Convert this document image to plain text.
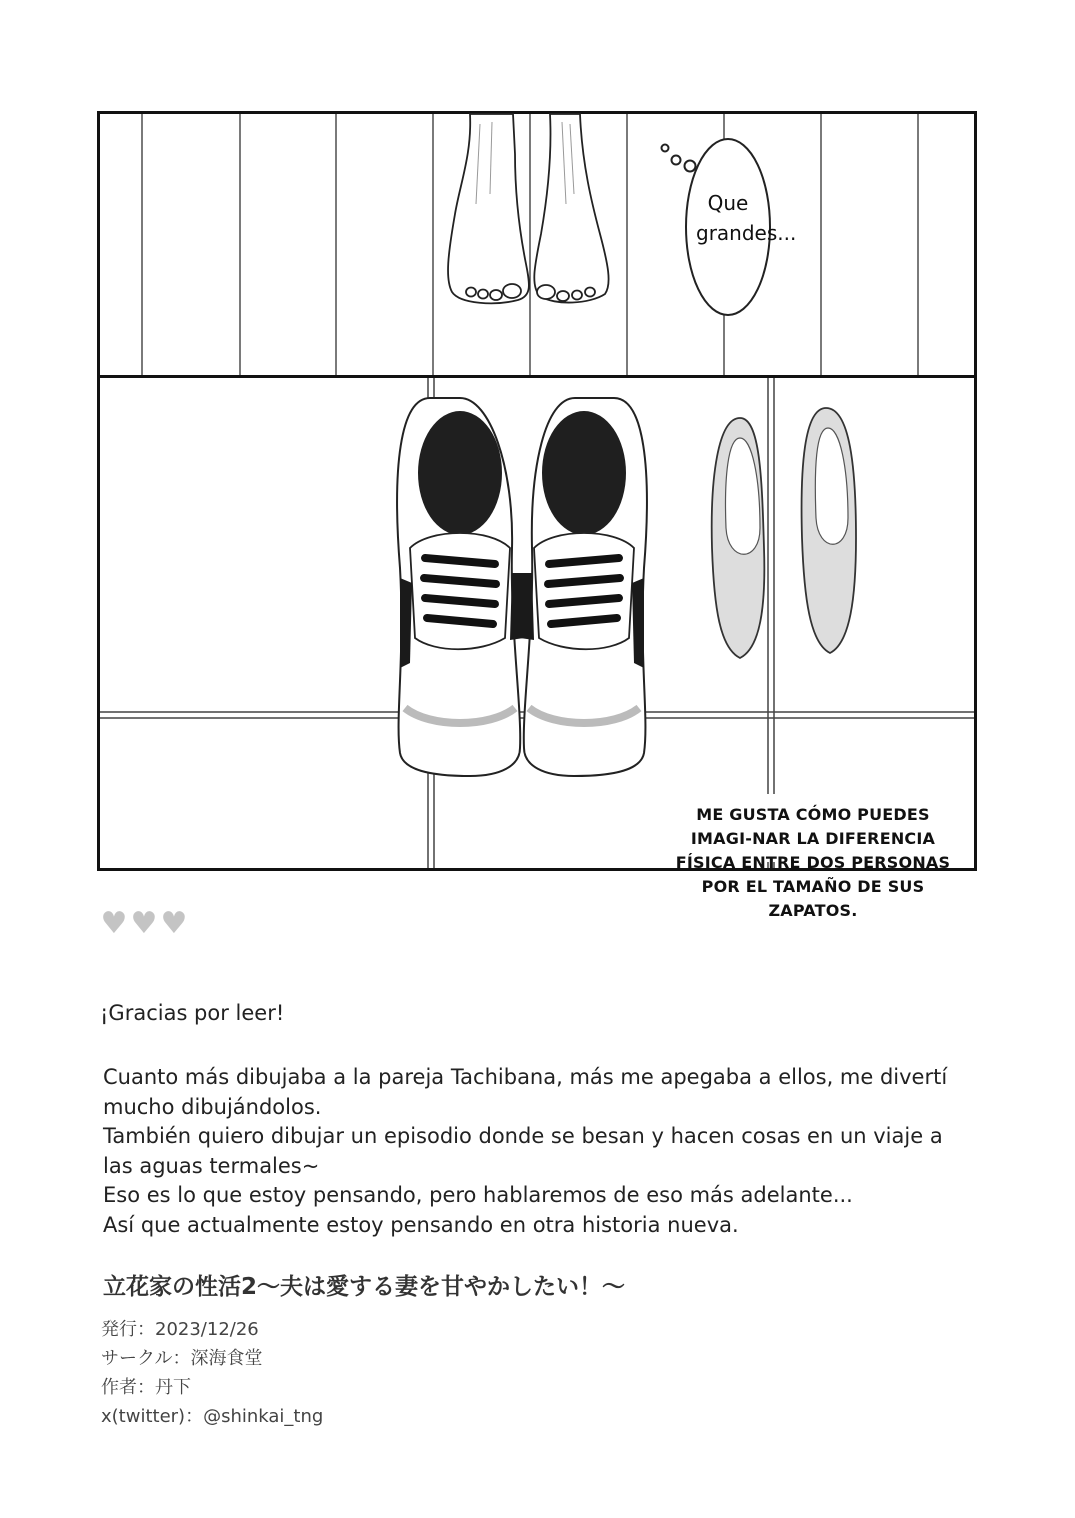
Que
grandes...
ME GUSTA CÓMO PUEDES IMAGI-NAR LA DIFERENCIA FÍSICA ENTRE DOS PERSONAS POR EL TAMAÑO DE SUS ZAPATOS.
♥♥♥
¡Gracias por leer!

Cuanto más dibujaba a la pareja Tachibana, más me apegaba a ellos, me divertí mucho dibujándolos.

También quiero dibujar un episodio donde se besan y hacen cosas en un viaje a las aguas termales~

Eso es lo que estoy pensando, pero hablaremos de eso más adelante...

Así que actualmente estoy pensando en otra historia nueva.

立花家の性活2〜夫は愛する妻を甘やかしたい！〜
発行：2023/12/26
サークル：深海食堂
作者：丹下
x(twitter)：@shinkai_tng
